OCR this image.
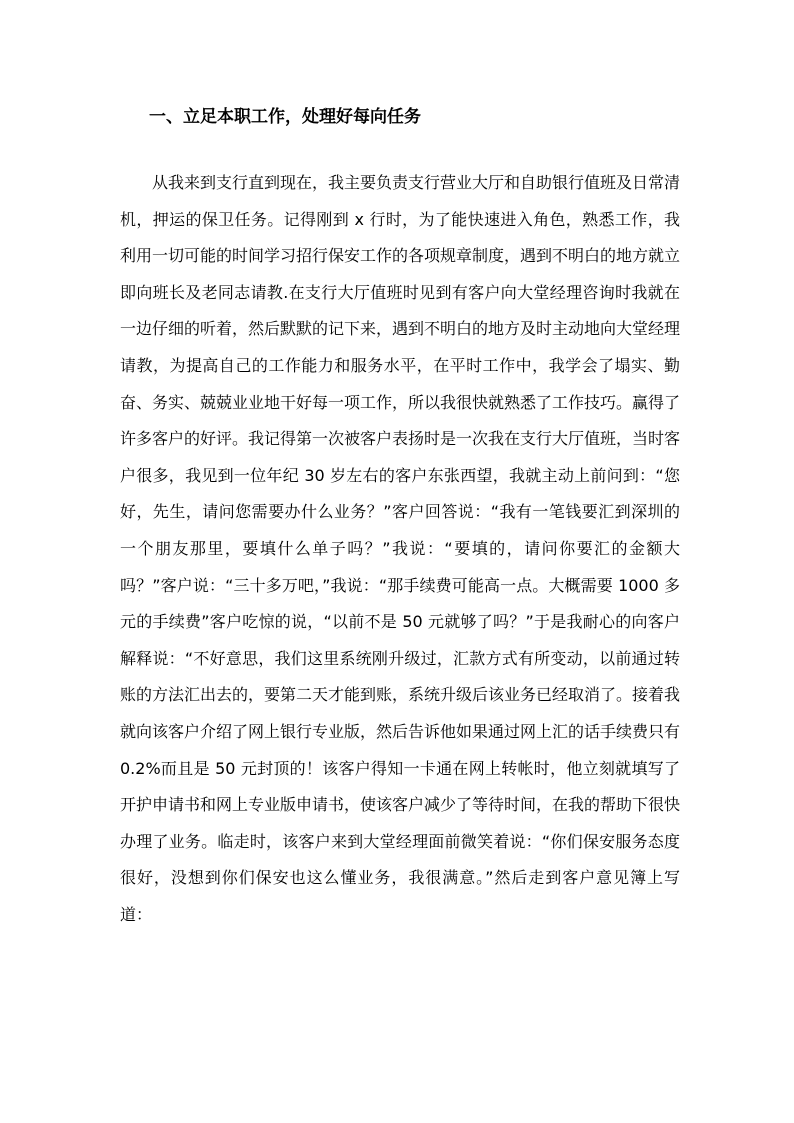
一、立足本职工作，处理好每向任务

从我来到支行直到现在，我主要负责支行营业大厅和自助银行值班及日常清机，押运的保卫任务。记得刚到 x 行时，为了能快速进入角色，熟悉工作，我利用一切可能的时间学习招行保安工作的各项规章制度，遇到不明白的地方就立即向班长及老同志请教.在支行大厅值班时见到有客户向大堂经理咨询时我就在一边仔细的听着，然后默默的记下来，遇到不明白的地方及时主动地向大堂经理请教，为提高自己的工作能力和服务水平，在平时工作中，我学会了塌实、勤奋、务实、兢兢业业地干好每一项工作，所以我很快就熟悉了工作技巧。赢得了许多客户的好评。我记得第一次被客户表扬时是一次我在支行大厅值班，当时客户很多，我见到一位年纪 30 岁左右的客户东张西望，我就主动上前问到：“您好，先生，请问您需要办什么业务？”客户回答说：“我有一笔钱要汇到深圳的一个朋友那里，要填什么单子吗？”我说：“要填的，请问你要汇的金额大吗？”客户说：“三十多万吧，”我说：“那手续费可能高一点。大概需要 1000 多元的手续费”客户吃惊的说，“以前不是 50 元就够了吗？”于是我耐心的向客户解释说：“不好意思，我们这里系统刚升级过，汇款方式有所变动，以前通过转账的方法汇出去的，要第二天才能到账，系统升级后该业务已经取消了。接着我就向该客户介绍了网上银行专业版，然后告诉他如果通过网上汇的话手续费只有0.2%而且是 50 元封顶的！该客户得知一卡通在网上转帐时，他立刻就填写了开护申请书和网上专业版申请书，使该客户减少了等待时间，在我的帮助下很快办理了业务。临走时，该客户来到大堂经理面前微笑着说：“你们保安服务态度很好，没想到你们保安也这么懂业务，我很满意。”然后走到客户意见簿上写道：
